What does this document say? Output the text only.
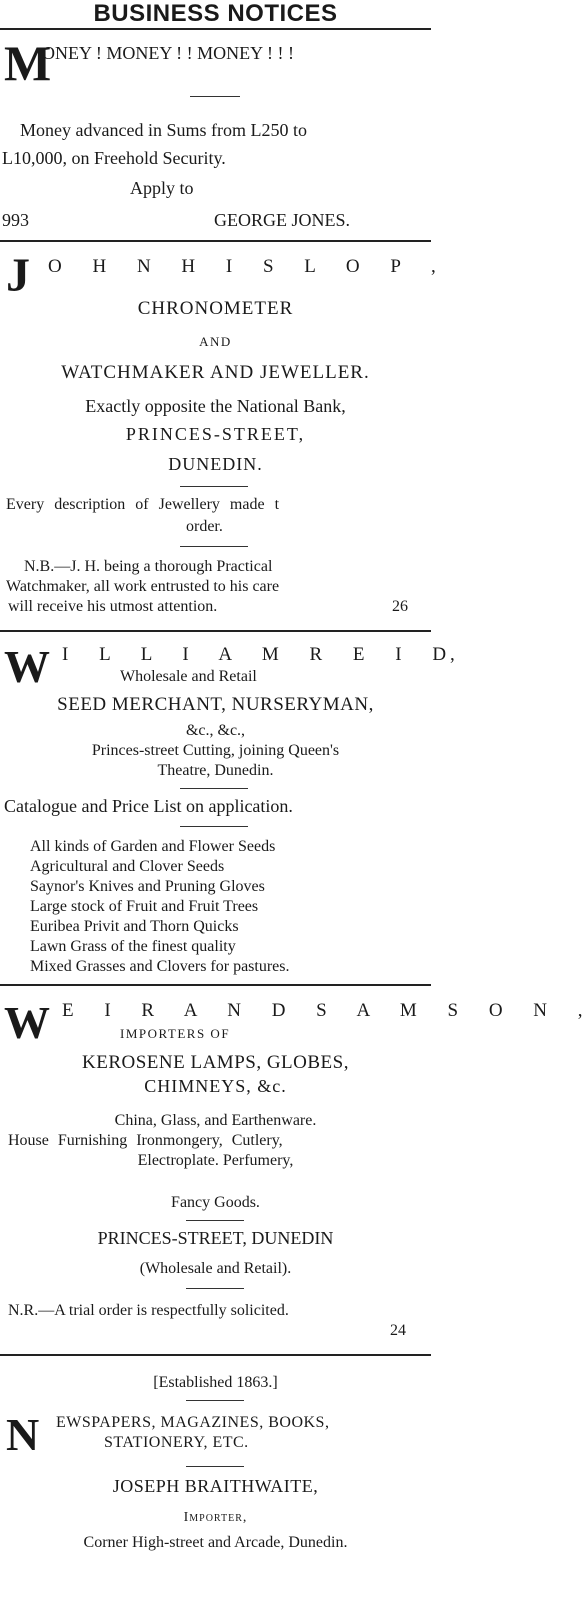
BUSINESS NOTICES
M
ONEY ! MONEY ! ! MONEY ! ! !
Money advanced in Sums from L250 to
L10,000, on Freehold Security.
Apply to
993	GEORGE JONES.
J O H N H I S L O P ,
CHRONOMETER
AND
WATCHMAKER AND JEWELLER.
Exactly opposite the National Bank,
PRINCES-STREET,
DUNEDIN.
Every description of Jewellery made t
order.
N.B.—J. H. being a thorough Practical
Watchmaker, all work entrusted to his care
will receive his utmost attention.	26
W I L L I A M R E I D,
Wholesale and Retail
SEED MERCHANT, NURSERYMAN,
&c., &c.,
Princes-street Cutting, joining Queen's
Theatre, Dunedin.
Catalogue and Price List on application.
All kinds of Garden and Flower Seeds
Agricultural and Clover Seeds
Saynor's Knives and Pruning Gloves
Large stock of Fruit and Fruit Trees
Euribea Privit and Thorn Quicks
Lawn Grass of the finest quality
Mixed Grasses and Clovers for pastures.
W E I R A N D S A M S O N ,
IMPORTERS OF
KEROSENE LAMPS, GLOBES,
CHIMNEYS, &c.
China, Glass, and Earthenware.
House Furnishing Ironmongery, Cutlery,
Electroplate. Perfumery,
Fancy Goods.
PRINCES-STREET, DUNEDIN
(Wholesale and Retail).
N.R.—A trial order is respectfully solicited.
24
[Established 1863.]
N EWSPAPERS, MAGAZINES, BOOKS,
STATIONERY, ETC.
JOSEPH BRAITHWAITE,
Importer,
Corner High-street and Arcade, Dunedin.
